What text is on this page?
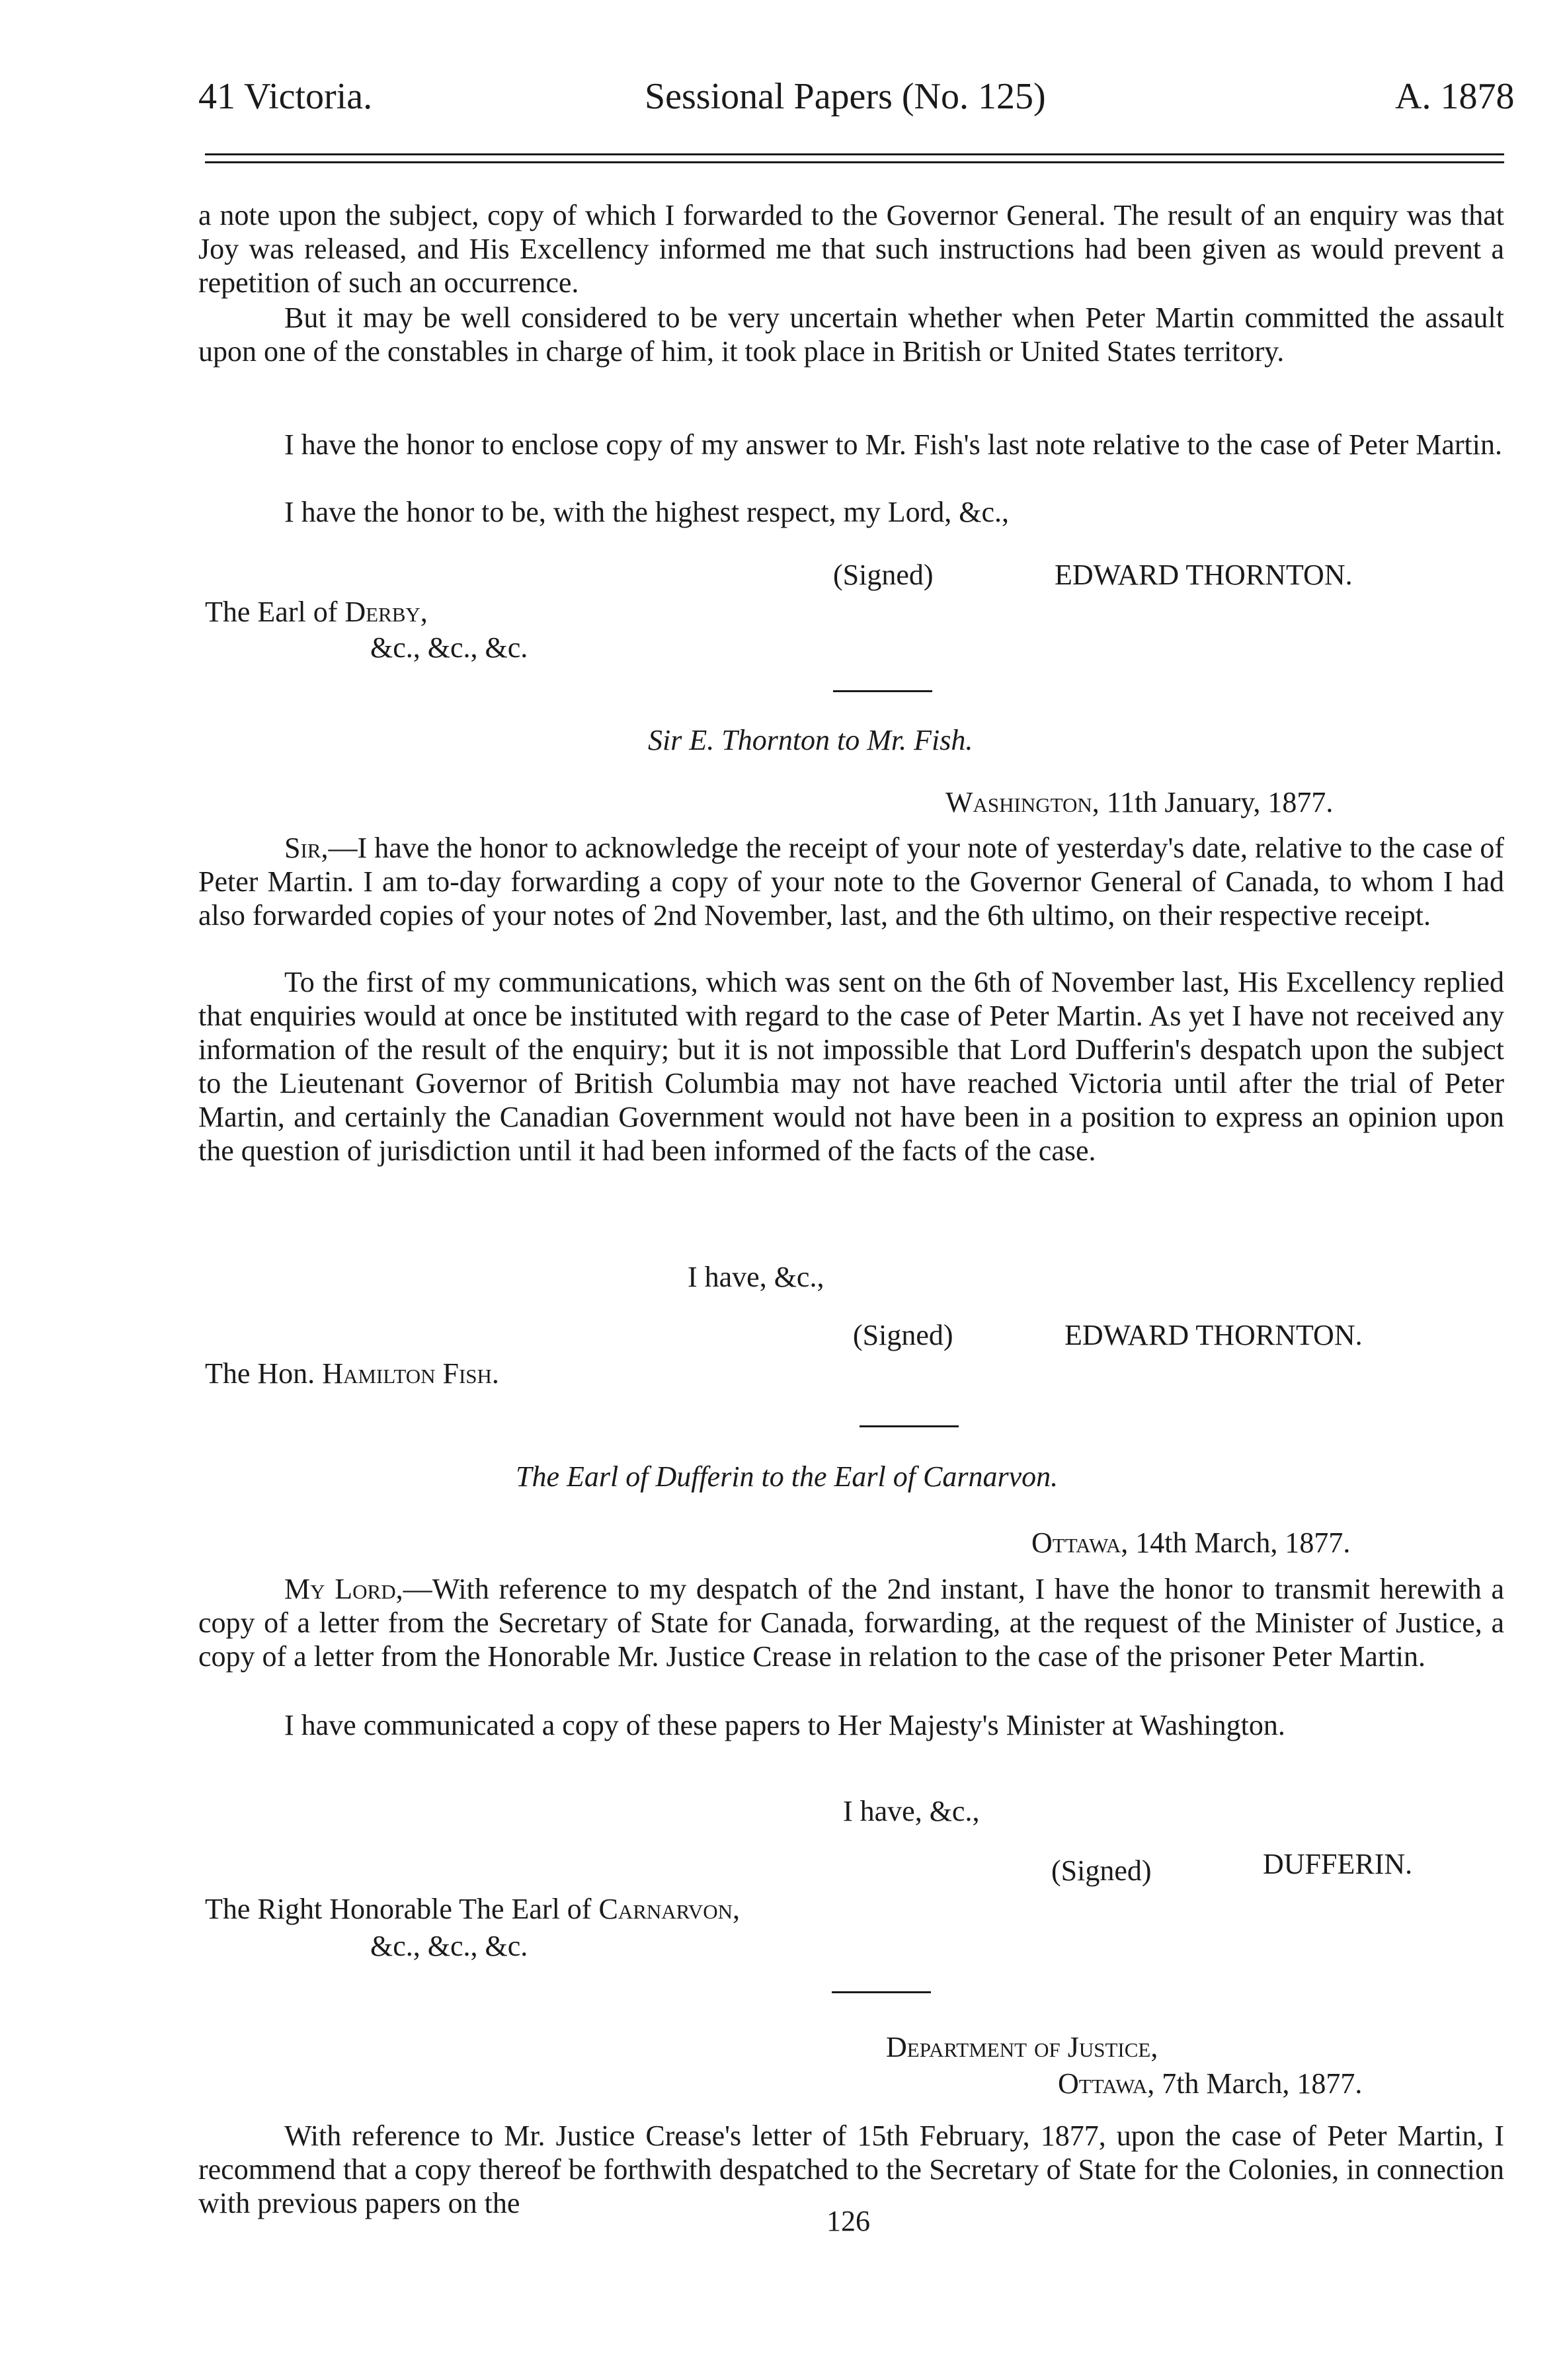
41 Victoria.	Sessional Papers (No. 125)	A. 1878
a note upon the subject, copy of which I forwarded to the Governor General. The result of an enquiry was that Joy was released, and His Excellency informed me that such instructions had been given as would prevent a repetition of such an occurrence.
But it may be well considered to be very uncertain whether when Peter Martin committed the assault upon one of the constables in charge of him, it took place in British or United States territory.
I have the honor to enclose copy of my answer to Mr. Fish's last note relative to the case of Peter Martin.
I have the honor to be, with the highest respect, my Lord, &c.,
(Signed)	EDWARD THORNTON.
The Earl of Derby,
&c., &c., &c.
Sir E. Thornton to Mr. Fish.
Washington, 11th January, 1877.
Sir,—I have the honor to acknowledge the receipt of your note of yesterday's date, relative to the case of Peter Martin. I am to-day forwarding a copy of your note to the Governor General of Canada, to whom I had also forwarded copies of your notes of 2nd November, last, and the 6th ultimo, on their respective receipt.
To the first of my communications, which was sent on the 6th of November last, His Excellency replied that enquiries would at once be instituted with regard to the case of Peter Martin. As yet I have not received any information of the result of the enquiry; but it is not impossible that Lord Dufferin's despatch upon the subject to the Lieutenant Governor of British Columbia may not have reached Victoria until after the trial of Peter Martin, and certainly the Canadian Government would not have been in a position to express an opinion upon the question of jurisdiction until it had been informed of the facts of the case.
I have, &c.,
(Signed)	EDWARD THORNTON.
The Hon. Hamilton Fish.
The Earl of Dufferin to the Earl of Carnarvon.
Ottawa, 14th March, 1877.
My Lord,—With reference to my despatch of the 2nd instant, I have the honor to transmit herewith a copy of a letter from the Secretary of State for Canada, forwarding, at the request of the Minister of Justice, a copy of a letter from the Honorable Mr. Justice Crease in relation to the case of the prisoner Peter Martin.
I have communicated a copy of these papers to Her Majesty's Minister at Washington.
I have, &c.,
(Signed)	DUFFERIN.
The Right Honorable The Earl of Carnarvon,
&c., &c., &c.
Department of Justice,
Ottawa, 7th March, 1877.
With reference to Mr. Justice Crease's letter of 15th February, 1877, upon the case of Peter Martin, I recommend that a copy thereof be forthwith despatched to the Secretary of State for the Colonies, in connection with previous papers on the
126
